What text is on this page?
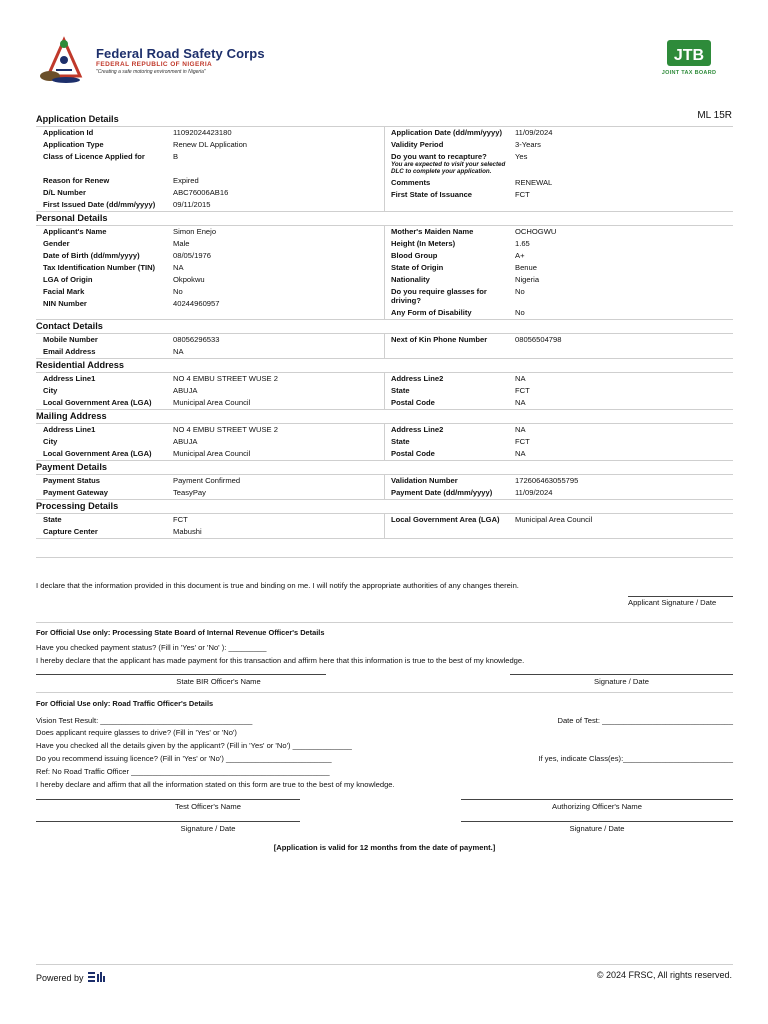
Federal Road Safety Corps
FEDERAL REPUBLIC OF NIGERIA
"Creating a safe motoring environment in Nigeria"
JTB
JOINT TAX BOARD
ML 15R
Application Details
Application Id	11092024423180
Application Type	Renew DL Application
Class of Licence Applied for	B
Reason for Renew	Expired
D/L Number	ABC76006AB16
First Issued Date (dd/mm/yyyy)	09/11/2015
Application Date (dd/mm/yyyy)	11/09/2024
Validity Period	3-Years
Do you want to recapture?
You are expected to visit your selected DLC to complete your application.
Yes
Comments	RENEWAL
First State of Issuance	FCT
Personal Details
Applicant's Name	Simon Enejo
Gender	Male
Date of Birth (dd/mm/yyyy)	08/05/1976
Tax Identification Number (TIN)	NA
LGA of Origin	Okpokwu
Facial Mark	No
NIN Number	40244960957
Mother's Maiden Name	OCHOGWU
Height (In Meters)	1.65
Blood Group	A+
State of Origin	Benue
Nationality	Nigeria
Do you require glasses for driving?
No
Any Form of Disability	No
Contact Details
Mobile Number	08056296533
Email Address	NA
Next of Kin Phone Number	08056504798
Residential Address
Address Line1	NO 4 EMBU STREET WUSE 2
City	ABUJA
Local Government Area (LGA)	Municipal Area Council
Address Line2	NA
State	FCT
Postal Code	NA
Mailing Address
Address Line1	NO 4 EMBU STREET WUSE 2
City	ABUJA
Local Government Area (LGA)	Municipal Area Council
Address Line2	NA
State	FCT
Postal Code	NA
Payment Details
Payment Status	Payment Confirmed
Payment Gateway	TeasyPay
Validation Number	172606463055795
Payment Date (dd/mm/yyyy)	11/09/2024
Processing Details
State	FCT
Capture Center	Mabushi
Local Government Area (LGA)	Municipal Area Council
I declare that the information provided in this document is true and binding on me. I will notify the appropriate authorities of any changes therein.
Applicant Signature / Date
For Official Use only: Processing State Board of Internal Revenue Officer's Details
Have you checked payment status? (Fill in 'Yes' or 'No' ): _________
I hereby declare that the applicant has made payment for this transaction and affirm here that this information is true to the best of my knowledge.
State BIR Officer's Name	Signature / Date
For Official Use only: Road Traffic Officer's Details
Vision Test Result: ____________________________________	Date of Test: _______________________________
Does applicant require glasses to drive? (Fill in 'Yes' or 'No')
Have you checked all the details given by the applicant? (Fill in 'Yes' or 'No') ______________
Do you recommend issuing licence? (Fill in 'Yes' or 'No') _________________________	If yes, indicate Class(es):__________________________
Ref: No Road Traffic Officer _______________________________________________
I hereby declare and affirm that all the information stated on this form are true to the best of my knowledge.
Test Officer's Name	Authorizing Officer's Name
Signature / Date	Signature / Date
[Application is valid for 12 months from the date of payment.]
Powered by	© 2024 FRSC, All rights reserved.
